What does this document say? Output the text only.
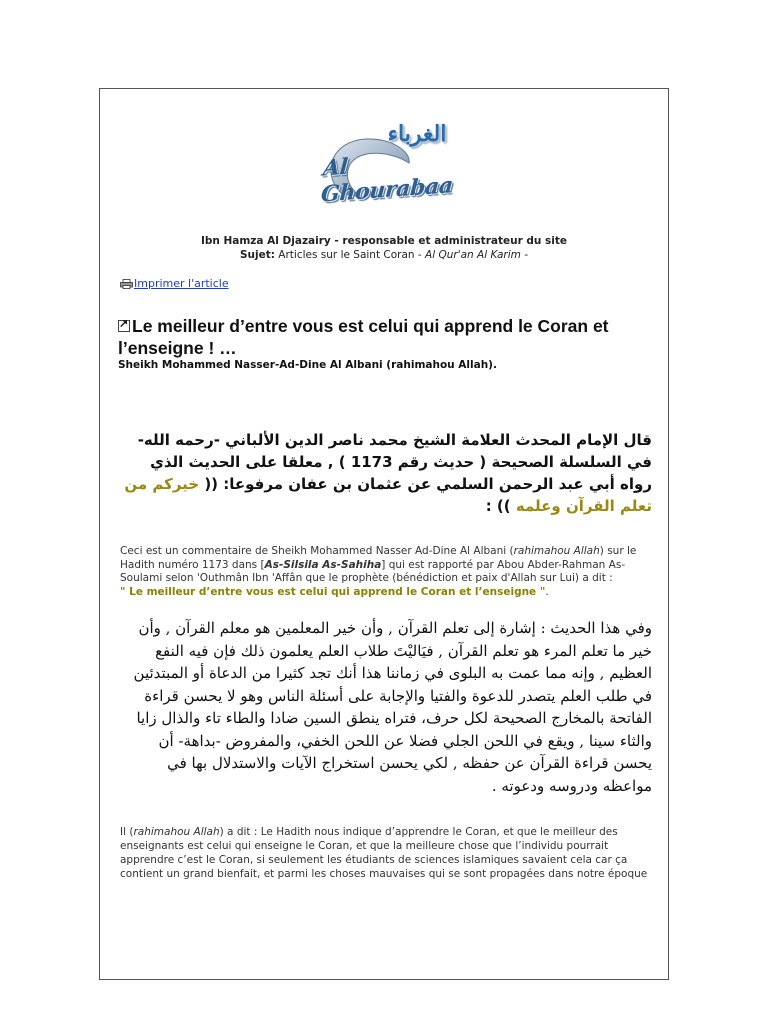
الغرباء
Al Ghourabaa
Ibn Hamza Al Djazairy - responsable et administrateur du site
Sujet: Articles sur le Saint Coran - Al Qur'an Al Karim -
Imprimer l'article
↗Le meilleur d’entre vous est celui qui apprend le Coran et l’enseigne ! …
Sheikh Mohammed Nasser-Ad-Dine Al Albani (rahimahou Allah).
قال الإمام المحدث العلامة الشيخ محمد ناصر الدين الألباني -رحمه الله- في السلسلة الصحيحة ( حديث رقم 1173 ) , معلقا على الحديث الذي رواه أبي عبد الرحمن السلمي عن عثمان بن عفان مرفوعا: (( خيركم من تعلم القرآن وعلمه )) :
Ceci est un commentaire de Sheikh Mohammed Nasser Ad-Dine Al Albani (rahimahou Allah) sur le Hadith numéro 1173 dans [As-Silsila As-Sahiha] qui est rapporté par Abou Abder-Rahman As-Soulami selon 'Outhmân Ibn 'Affân que le prophète (bénédiction et paix d'Allah sur Lui) a dit :
" Le meilleur d’entre vous est celui qui apprend le Coran et l’enseigne ".
وفي هذا الحديث : إشارة إلى تعلم القرآن , وأن خير المعلمين هو معلم القرآن , وأن خير ما تعلم المرء هو تعلم القرآن , فيَاليْتَ طلاب العلم يعلمون ذلك فإن فيه النفع العظيم , وإنه مما عمت به البلوى في زماننا هذا أنك تجد كثيرا من الدعاة أو المبتدئين في طلب العلم يتصدر للدعوة والفتيا والإجابة على أسئلة الناس وهو لا يحسن قراءة الفاتحة بالمخارج الصحيحة لكل حرف، فتراه ينطق السين ضادا والطاء تاء والذال زايا والثاء سينا , ويقع في اللحن الجلي فضلا عن اللحن الخفي، والمفروض -بداهة- أن يحسن قراءة القرآن عن حفظه , لكي يحسن استخراج الآيات والاستدلال بها في مواعظه ودروسه ودعوته .
Il (rahimahou Allah) a dit : Le Hadith nous indique d’apprendre le Coran, et que le meilleur des enseignants est celui qui enseigne le Coran, et que la meilleure chose que l’individu pourrait apprendre c’est le Coran, si seulement les étudiants de sciences islamiques savaient cela car ça contient un grand bienfait, et parmi les choses mauvaises qui se sont propagées dans notre époque
